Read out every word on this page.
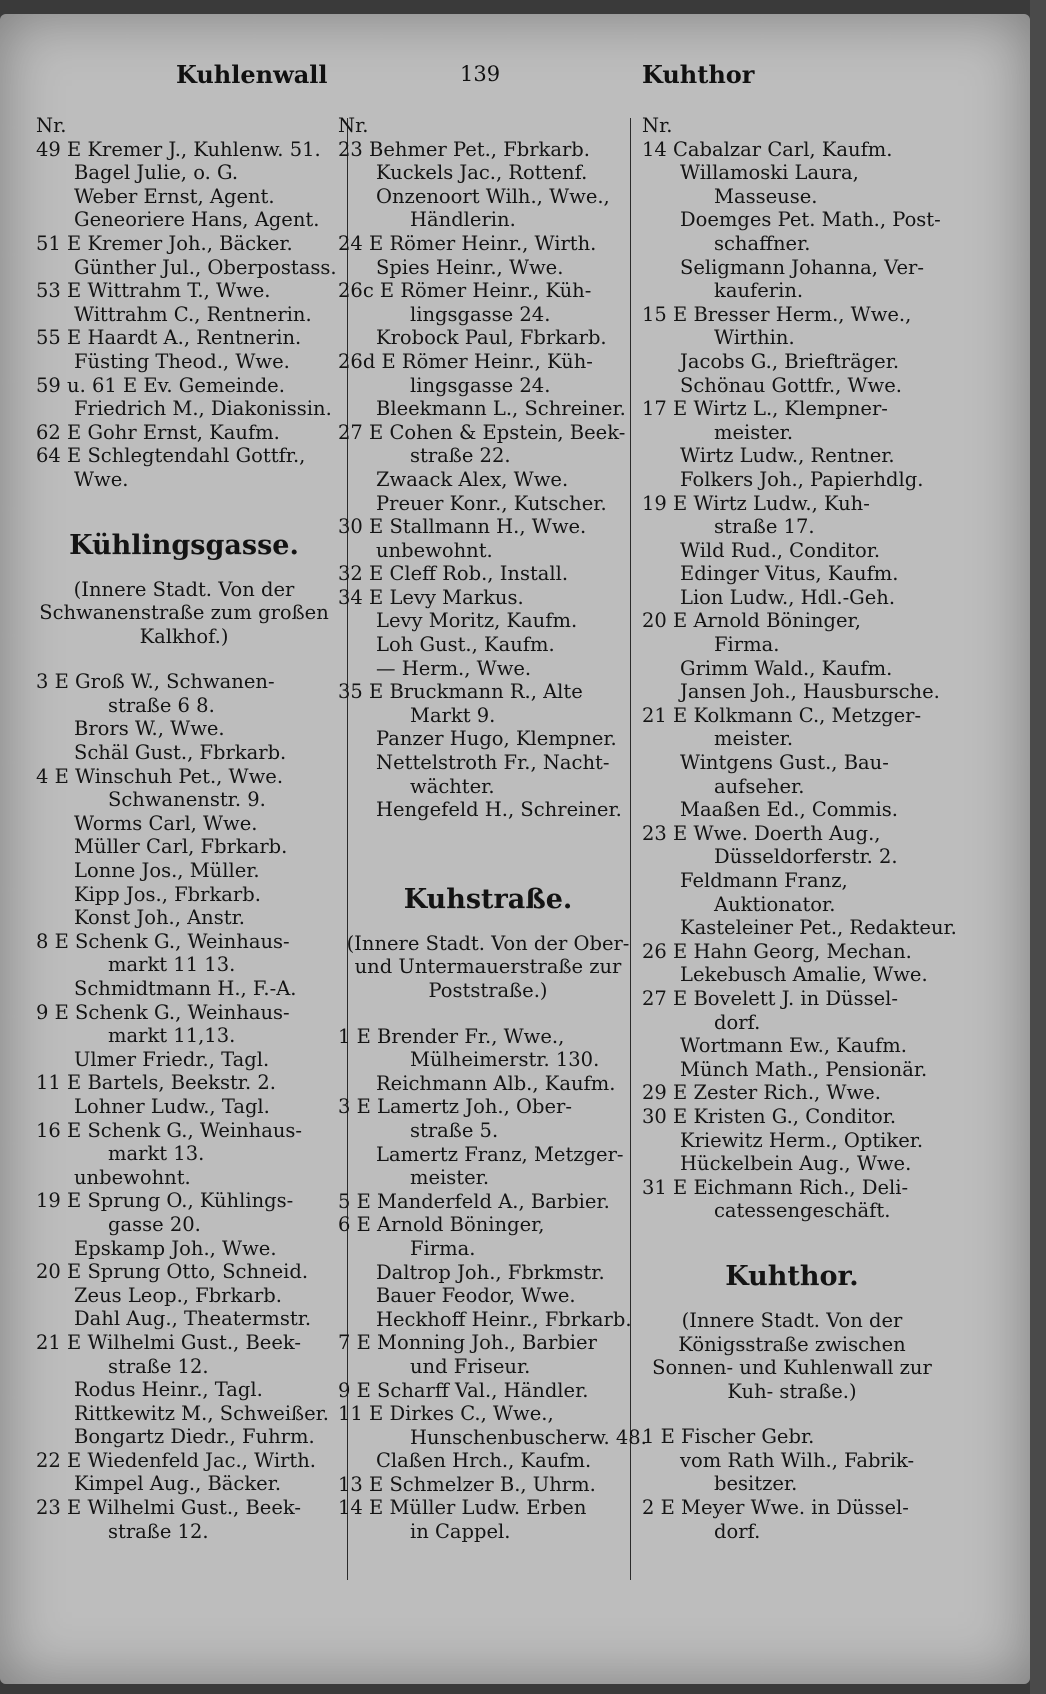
Kuhlenwall	139	Kuhthor
Nr.
49 E Kremer J., Kuhlenw. 51.
Bagel Julie, o. G.
Weber Ernst, Agent.
Geneoriere Hans, Agent.
51 E Kremer Joh., Bäcker.
Günther Jul., Oberpostass.
53 E Wittrahm T., Wwe.
Wittrahm C., Rentnerin.
55 E Haardt A., Rentnerin.
Füsting Theod., Wwe.
59 u. 61 E Ev. Gemeinde.
Friedrich M., Diakonissin.
62 E Gohr Ernst, Kaufm.
64 E Schlegtendahl Gottfr.,
Wwe.
Kühlingsgasse.
(Innere Stadt. Von der Schwanenstraße zum großen Kalkhof.)
3 E Groß W., Schwanen-
straße 6 8.
Brors W., Wwe.
Schäl Gust., Fbrkarb.
4 E Winschuh Pet., Wwe.
Schwanenstr. 9.
Worms Carl, Wwe.
Müller Carl, Fbrkarb.
Lonne Jos., Müller.
Kipp Jos., Fbrkarb.
Konst Joh., Anstr.
8 E Schenk G., Weinhaus-
markt 11 13.
Schmidtmann H., F.-A.
9 E Schenk G., Weinhaus-
markt 11,13.
Ulmer Friedr., Tagl.
11 E Bartels, Beekstr. 2.
Lohner Ludw., Tagl.
16 E Schenk G., Weinhaus-
markt 13.
unbewohnt.
19 E Sprung O., Kühlings-
gasse 20.
Epskamp Joh., Wwe.
20 E Sprung Otto, Schneid.
Zeus Leop., Fbrkarb.
Dahl Aug., Theatermstr.
21 E Wilhelmi Gust., Beek-
straße 12.
Rodus Heinr., Tagl.
Rittkewitz M., Schweißer.
Bongartz Diedr., Fuhrm.
22 E Wiedenfeld Jac., Wirth.
Kimpel Aug., Bäcker.
23 E Wilhelmi Gust., Beek-
straße 12.
Nr.
23 Behmer Pet., Fbrkarb.
Kuckels Jac., Rottenf.
Onzenoort Wilh., Wwe.,
Händlerin.
24 E Römer Heinr., Wirth.
Spies Heinr., Wwe.
26c E Römer Heinr., Küh-
lingsgasse 24.
Krobock Paul, Fbrkarb.
26d E Römer Heinr., Küh-
lingsgasse 24.
Bleekmann L., Schreiner.
27 E Cohen & Epstein, Beek-
straße 22.
Zwaack Alex, Wwe.
Preuer Konr., Kutscher.
30 E Stallmann H., Wwe.
unbewohnt.
32 E Cleff Rob., Install.
34 E Levy Markus.
Levy Moritz, Kaufm.
Loh Gust., Kaufm.
— Herm., Wwe.
35 E Bruckmann R., Alte
Markt 9.
Panzer Hugo, Klempner.
Nettelstroth Fr., Nacht-
wächter.
Hengefeld H., Schreiner.
Kuhstraße.
(Innere Stadt. Von der Ober- und Untermauerstraße zur Poststraße.)
1 E Brender Fr., Wwe.,
Mülheimerstr. 130.
Reichmann Alb., Kaufm.
3 E Lamertz Joh., Ober-
straße 5.
Lamertz Franz, Metzger-
meister.
5 E Manderfeld A., Barbier.
6 E Arnold Böninger,
Firma.
Daltrop Joh., Fbrkmstr.
Bauer Feodor, Wwe.
Heckhoff Heinr., Fbrkarb.
7 E Monning Joh., Barbier
und Friseur.
9 E Scharff Val., Händler.
11 E Dirkes C., Wwe.,
Hunschenbuscherw. 48.
Claßen Hrch., Kaufm.
13 E Schmelzer B., Uhrm.
14 E Müller Ludw. Erben
in Cappel.
Nr.
14 Cabalzar Carl, Kaufm.
Willamoski Laura,
Masseuse.
Doemges Pet. Math., Post-
schaffner.
Seligmann Johanna, Ver-
kauferin.
15 E Bresser Herm., Wwe.,
Wirthin.
Jacobs G., Briefträger.
Schönau Gottfr., Wwe.
17 E Wirtz L., Klempner-
meister.
Wirtz Ludw., Rentner.
Folkers Joh., Papierhdlg.
19 E Wirtz Ludw., Kuh-
straße 17.
Wild Rud., Conditor.
Edinger Vitus, Kaufm.
Lion Ludw., Hdl.-Geh.
20 E Arnold Böninger,
Firma.
Grimm Wald., Kaufm.
Jansen Joh., Hausbursche.
21 E Kolkmann C., Metzger-
meister.
Wintgens Gust., Bau-
aufseher.
Maaßen Ed., Commis.
23 E Wwe. Doerth Aug.,
Düsseldorferstr. 2.
Feldmann Franz,
Auktionator.
Kasteleiner Pet., Redakteur.
26 E Hahn Georg, Mechan.
Lekebusch Amalie, Wwe.
27 E Bovelett J. in Düssel-
dorf.
Wortmann Ew., Kaufm.
Münch Math., Pensionär.
29 E Zester Rich., Wwe.
30 E Kristen G., Conditor.
Kriewitz Herm., Optiker.
Hückelbein Aug., Wwe.
31 E Eichmann Rich., Deli-
catessengeschäft.
Kuhthor.
(Innere Stadt. Von der Königsstraße zwischen Sonnen- und Kuhlenwall zur Kuh- straße.)
1 E Fischer Gebr.
vom Rath Wilh., Fabrik-
besitzer.
2 E Meyer Wwe. in Düssel-
dorf.
